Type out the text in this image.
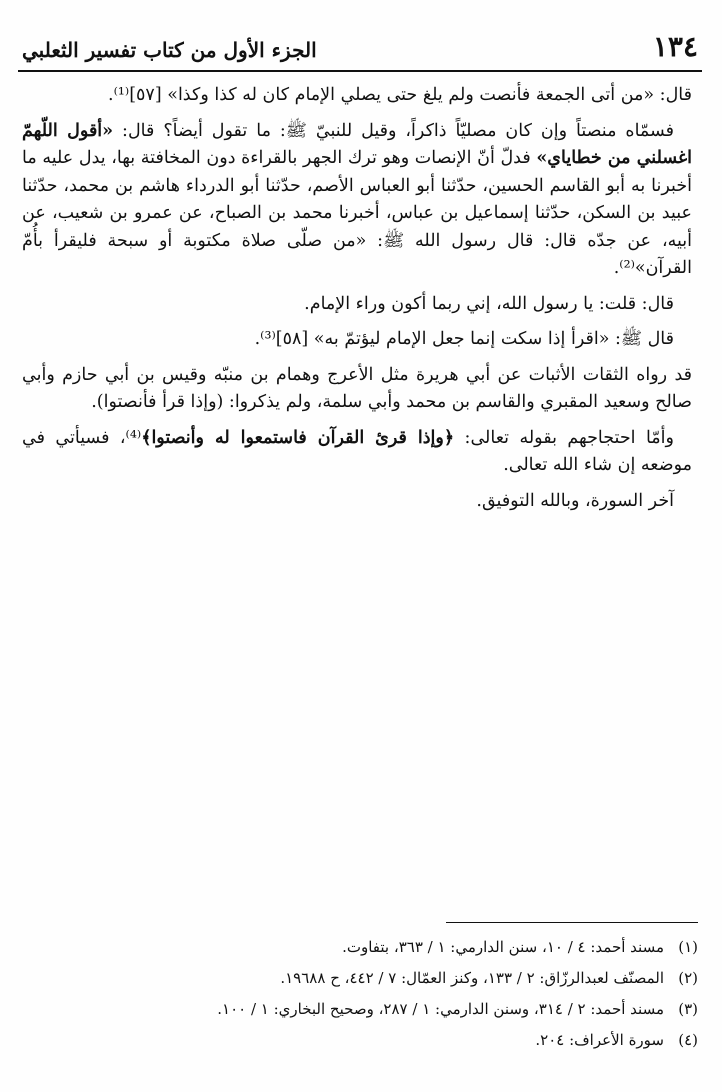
١٣٤
الجزء الأول من كتاب تفسير الثعلبي

قال: «من أتى الجمعة فأنصت ولم يلغ حتى يصلي الإمام كان له كذا وكذا» [٥٧]⁽¹⁾.

فسمّاه منصتاً وإن كان مصليّاً ذاكراً، وقيل للنبيّ ﷺ: ما تقول أيضاً؟ قال: «أقول اللّهمّ اغسلني من خطاياي» فدلّ أنّ الإنصات وهو ترك الجهر بالقراءة دون المخافتة بها، يدل عليه ما أخبرنا به أبو القاسم الحسين، حدّثنا أبو العباس الأصم، حدّثنا أبو الدرداء هاشم بن محمد، حدّثنا عبيد بن السكن، حدّثنا إسماعيل بن عباس، أخبرنا محمد بن الصباح، عن عمرو بن شعيب، عن أبيه، عن جدّه قال: قال رسول الله ﷺ: «من صلّى صلاة مكتوبة أو سبحة فليقرأ بأُمّ القرآن»⁽²⁾.

قال: قلت: يا رسول الله، إني ربما أكون وراء الإمام.

قال ﷺ: «اقرأ إذا سكت إنما جعل الإمام ليؤتمّ به» [٥٨]⁽³⁾.

قد رواه الثقات الأثبات عن أبي هريرة مثل الأعرج وهمام بن منبّه وقيس بن أبي حازم وأبي صالح وسعيد المقبري والقاسم بن محمد وأبي سلمة، ولم يذكروا: (وإذا قرأ فأنصتوا).

وأمّا احتجاجهم بقوله تعالى: ﴿وإذا قرئ القرآن فاستمعوا له وأنصتوا﴾⁽⁴⁾، فسيأتي في موضعه إن شاء الله تعالى.

آخر السورة، وبالله التوفيق.

(١)مسند أحمد: ٤ / ١٠، سنن الدارمي: ١ / ٣٦٣، بتفاوت.
(٢)المصنّف لعبدالرزّاق: ٢ / ١٣٣، وكنز العمّال: ٧ / ٤٤٢، ح ١٩٦٨٨.
(٣)مسند أحمد: ٢ / ٣١٤، وسنن الدارمي: ١ / ٢٨٧، وصحيح البخاري: ١ / ١٠٠.
(٤)سورة الأعراف: ٢٠٤.
